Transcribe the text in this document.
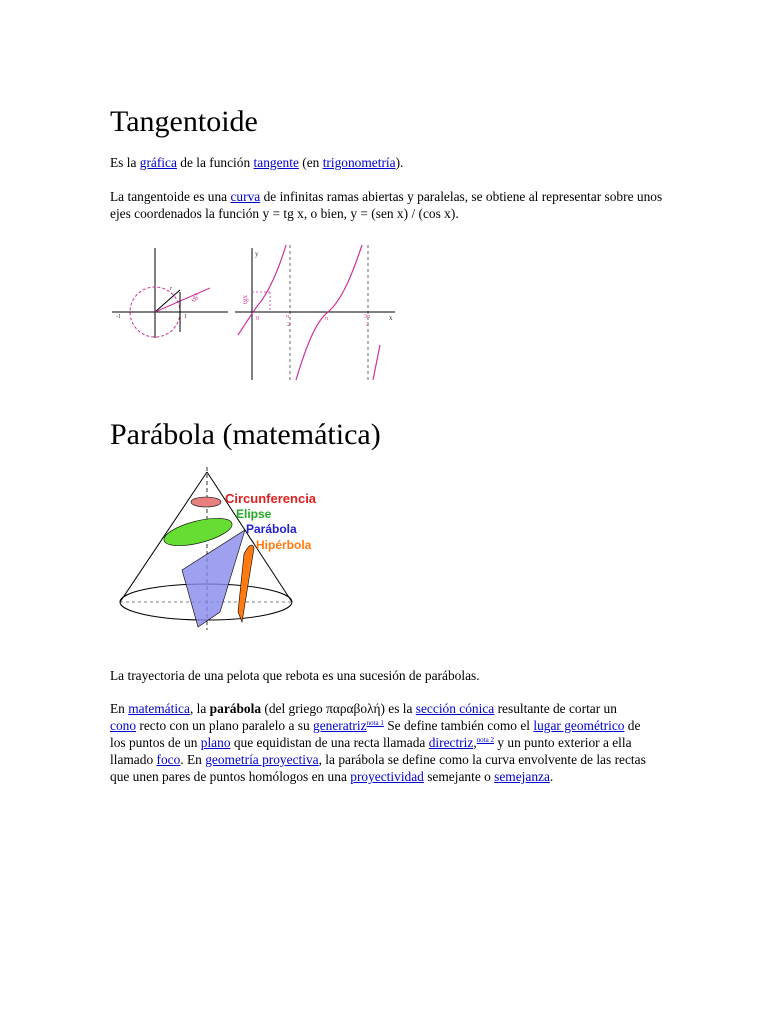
Tangentoide

Es la gráfica de la función tangente (en trigonometría).

La tangentoide es una curva de infinitas ramas abiertas y paralelas, se obtiene al representar sobre unos ejes coordenados la función y = tg x, o bien, y = (sen x) / (cos x).

r
-1	1
tgx
y
x
0
tgx
π
2
π	3π
2
Parábola (matemática)
Circunferencia
Elipse
Parábola
Hipérbola

La trayectoria de una pelota que rebota es una sucesión de parábolas.

En matemática, la parábola (del griego παραβολή) es la sección cónica resultante de cortar un cono recto con un plano paralelo a su generatriz$^{nota 1}$ Se define también como el lugar geométrico de los puntos de un plano que equidistan de una recta llamada directriz,$^{nota 2}$ y un punto exterior a ella llamado foco. En geometría proyectiva, la parábola se define como la curva envolvente de las rectas que unen pares de puntos homólogos en una proyectividad semejante o semejanza.
